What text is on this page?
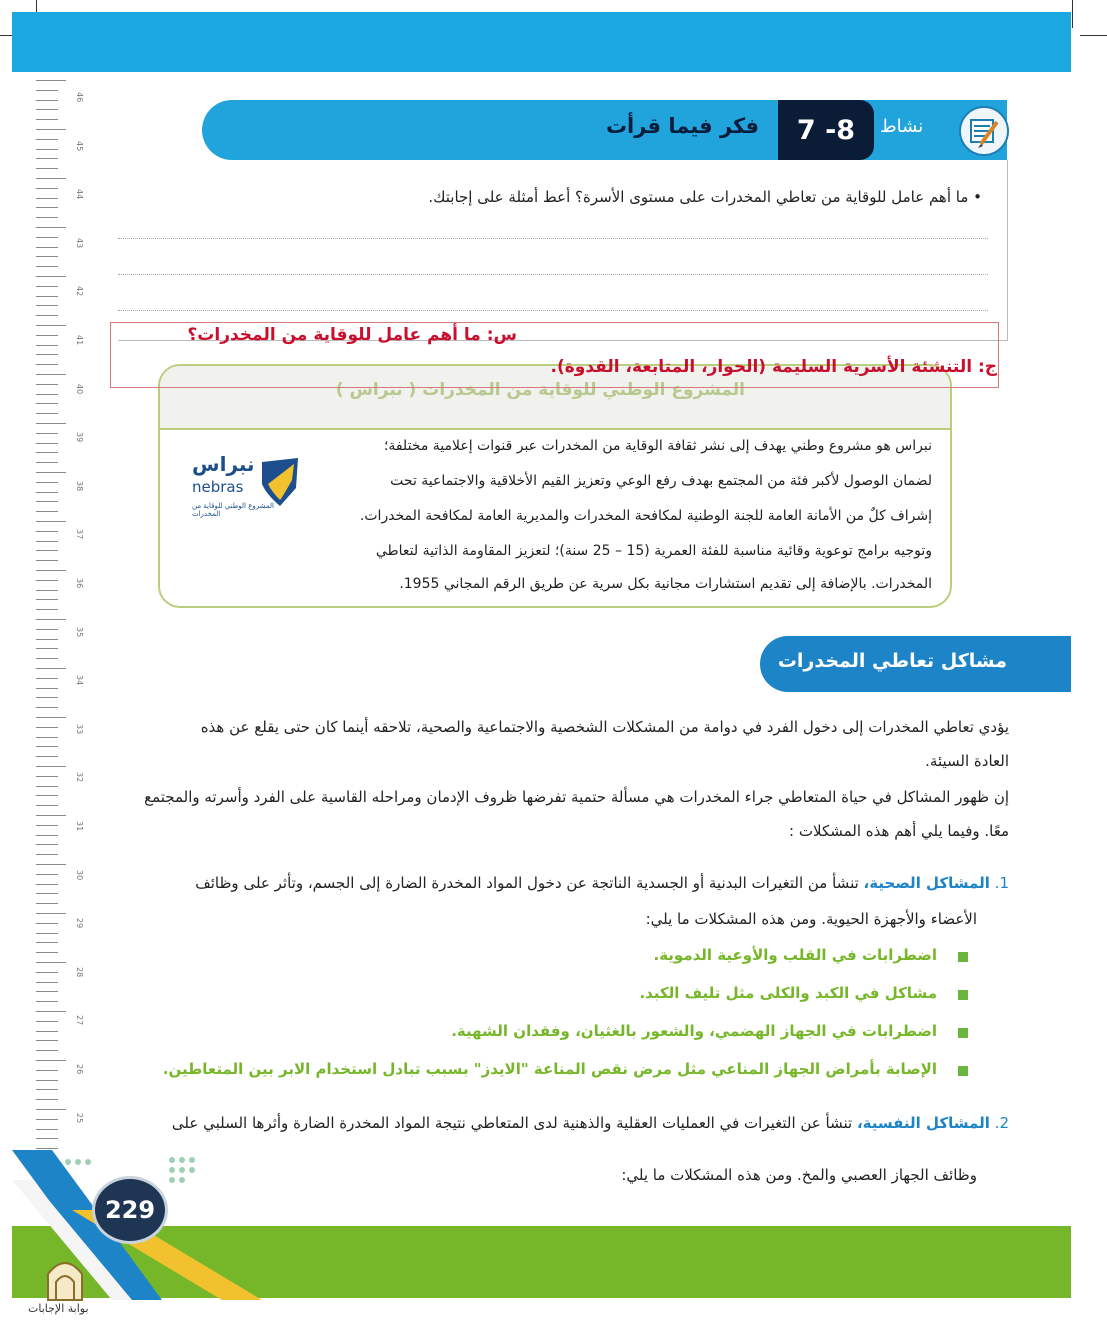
46
45
44
43
42
41
40
39
38
37
36
35
34
33
32
31
30
29
28
27
26
25
فكر فيما قرأت	7 -8	نشاط
• ما أهم عامل للوقاية من تعاطي المخدرات على مستوى الأسرة؟ أعط أمثلة على إجابتك.
المشروع الوطني للوقاية من المخدرات ( نبراس )
نبراس هو مشروع وطني يهدف إلى نشر ثقافة الوقاية من المخدرات عبر قنوات إعلامية مختلفة؛
لضمان الوصول لأكبر فئة من المجتمع بهدف رفع الوعي وتعزيز القيم الأخلاقية والاجتماعية تحت
إشراف كلٌ من الأمانة العامة للجنة الوطنية لمكافحة المخدرات والمديرية العامة لمكافحة المخدرات.
وتوجيه برامج توعوية وقائية مناسبة للفئة العمرية (15 – 25 سنة)؛ لتعزيز المقاومة الذاتية لتعاطي
المخدرات. بالإضافة إلى تقديم استشارات مجانية بكل سرية عن طريق الرقم المجاني 1955.
نبراس
nebras
المشروع الوطني للوقاية من المخدرات
س: ما أهم عامل للوقاية من المخدرات؟
ج: التنشئة الأسرية السليمة (الحوار، المتابعة، القدوة).
مشاكل تعاطي المخدرات
يؤدي تعاطي المخدرات إلى دخول الفرد في دوامة من المشكلات الشخصية والاجتماعية والصحية، تلاحقه أينما كان حتى يقلع عن هذه
العادة السيئة.
إن ظهور المشاكل في حياة المتعاطي جراء المخدرات هي مسألة حتمية تفرضها ظروف الإدمان ومراحله القاسية على الفرد وأسرته والمجتمع
معًا. وفيما يلي أهم هذه المشكلات :
1. المشاكل الصحية، تنشأ من التغيرات البدنية أو الجسدية الناتجة عن دخول المواد المخدرة الضارة إلى الجسم، وتأثر على وظائف
الأعضاء والأجهزة الحيوية. ومن هذه المشكلات ما يلي:
اضطرابات في القلب والأوعية الدموية.
مشاكل في الكبد والكلى مثل تليف الكبد.
اضطرابات في الجهاز الهضمي، والشعور بالغثيان، وفقدان الشهية.
الإصابة بأمراض الجهاز المناعي مثل مرض نقص المناعة "الايدز" بسبب تبادل استخدام الابر بين المتعاطين.
2. المشاكل النفسية، تنشأ عن التغيرات في العمليات العقلية والذهنية لدى المتعاطي نتيجة المواد المخدرة الضارة وأثرها السلبي على
وظائف الجهاز العصبي والمخ. ومن هذه المشكلات ما يلي:
229
بوابة الإجابات
